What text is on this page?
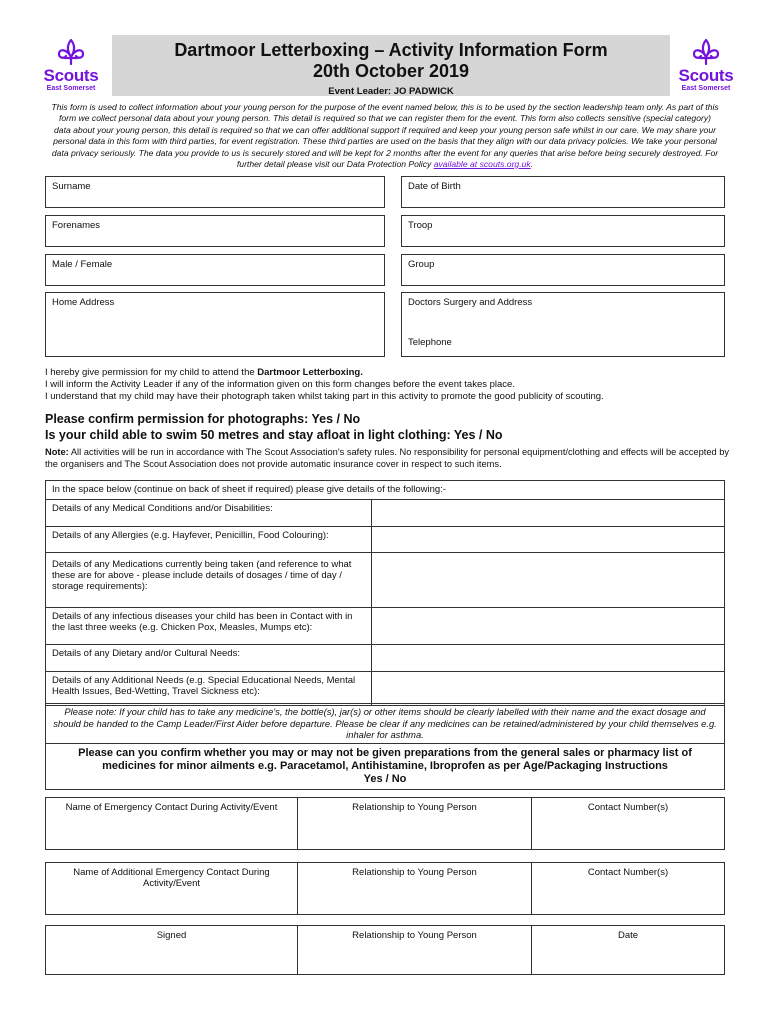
Scouts
East Somerset
Scouts
East Somerset
Dartmoor Letterboxing – Activity Information Form
20th October 2019
Event Leader: JO PADWICK
This form is used to collect information about your young person for the purpose of the event named below, this is to be used by the section leadership team only. As part of this form we collect personal data about your young person. This detail is required so that we can register them for the event. This form also collects sensitive (special category) data about your young person, this detail is required so that we can offer additional support if required and keep your young person safe whilst in our care. We may share your personal data in this form with third parties, for event registration. These third parties are used on the basis that they align with our data privacy policies. We take your personal data privacy seriously. The data you provide to us is securely stored and will be kept for 2 months after the event for any queries that arise before being securely destroyed. For further detail please visit our Data Protection Policy available at scouts.org.uk.
Surname	Date of Birth
Forenames	Troop
Male / Female	Group
Home Address	Doctors Surgery and Address
Telephone
I hereby give permission for my child to attend the Dartmoor Letterboxing.
I will inform the Activity Leader if any of the information given on this form changes before the event takes place.
I understand that my child may have their photograph taken whilst taking part in this activity to promote the good publicity of scouting.
Please confirm permission for photographs: Yes / No
Is your child able to swim 50 metres and stay afloat in light clothing: Yes / No
Note: All activities will be run in accordance with The Scout Association's safety rules. No responsibility for personal equipment/clothing and effects will be accepted by the organisers and The Scout Association does not provide automatic insurance cover in respect to such items.
In the space below (continue on back of sheet if required) please give details of the following:-	
Details of any Medical Conditions and/or Disabilities:	
Details of any Allergies (e.g. Hayfever, Penicillin, Food Colouring):	
Details of any Medications currently being taken (and reference to what these are for above - please include details of dosages / time of day / storage requirements):	
Details of any infectious diseases your child has been in Contact with in the last three weeks (e.g. Chicken Pox, Measles, Mumps etc):	
Details of any Dietary and/or Cultural Needs:	
Details of any Additional Needs (e.g. Special Educational Needs, Mental Health Issues, Bed-Wetting, Travel Sickness etc):	
Please note: If your child has to take any medicine's, the bottle(s), jar(s) or other items should be clearly labelled with their name and the exact dosage and should be handed to the Camp Leader/First Aider before departure. Please be clear if any medicines can be retained/administered by your child themselves e.g. inhaler for asthma.
Please can you confirm whether you may or may not be given preparations from the general sales or pharmacy list of
medicines for minor ailments e.g. Paracetamol, Antihistamine, Ibroprofen as per Age/Packaging Instructions
Yes / No
Name of Emergency Contact During Activity/Event	Relationship to Young Person	Contact Number(s)
Name of Additional Emergency Contact During Activity/Event	Relationship to Young Person	Contact Number(s)
Signed	Relationship to Young Person	Date
